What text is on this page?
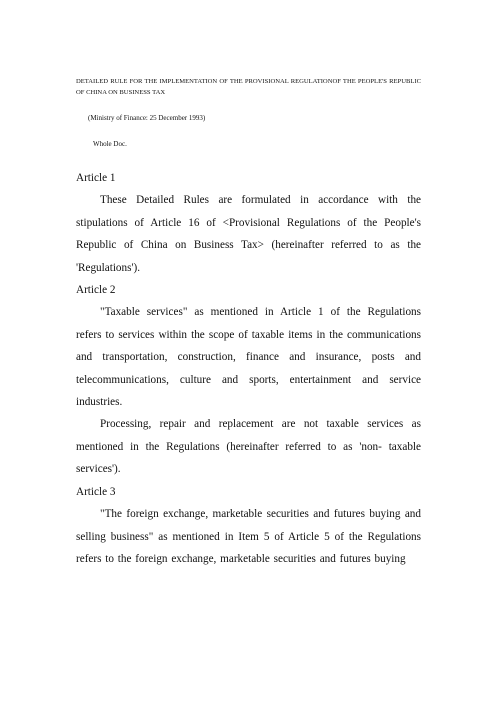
DETAILED RULE FOR THE IMPLEMENTATION OF THE PROVISIONAL REGULATIONOF THE PEOPLE'S REPUBLIC OF CHINA ON BUSINESS TAX

(Ministry of Finance: 25 December 1993)

Whole Doc.

Article 1

These Detailed Rules are formulated in accordance with the stipulations of Article 16 of <Provisional Regulations of the People's Republic of China on Business Tax> (hereinafter referred to as the 'Regulations').

Article 2

"Taxable services" as mentioned in Article 1 of the Regulations refers to services within the scope of taxable items in the communications and transportation, construction, finance and insurance, posts and telecommunications, culture and sports, entertainment and service industries.

Processing, repair and replacement are not taxable services as mentioned in the Regulations (hereinafter referred to as 'non- taxable services').

Article 3

"The foreign exchange, marketable securities and futures buying and selling business" as mentioned in Item 5 of Article 5 of the Regulations refers to the foreign exchange, marketable securities and futures buying
